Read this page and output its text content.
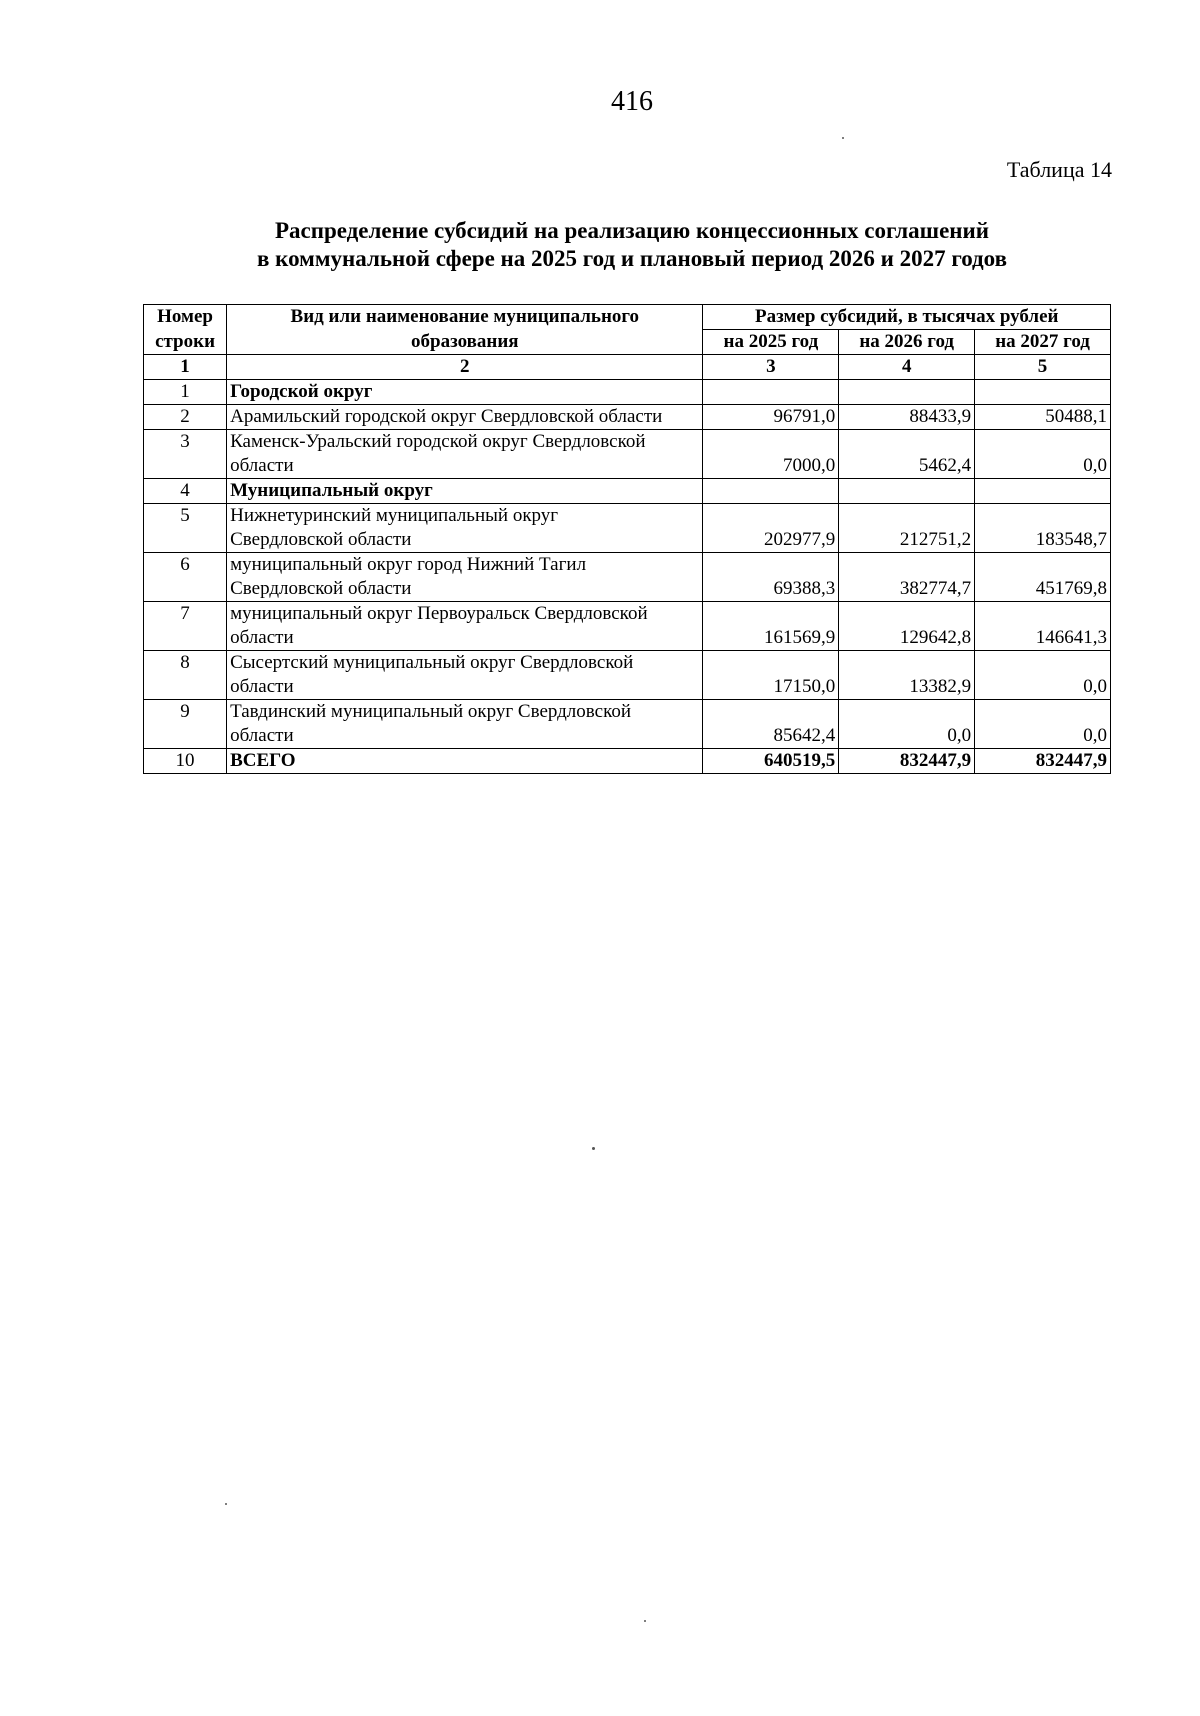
416
Таблица 14
Распределение субсидий на реализацию концессионных соглашений
в коммунальной сфере на 2025 год и плановый период 2026 и 2027 годов
Номер	Вид или наименование муниципального	Размер субсидий, в тысячах рублей		
строки	образования	на 2025 год	на 2026 год	на 2027 год
1	2	3	4	5
1	Городской округ			

2	Арамильский городской округ Свердловской области	96791,0	88433,9	50488,1
3	Каменск-Уральский городской округ Свердловской
области	7000,0	5462,4	0,0
4	Муниципальный округ			

5	Нижнетуринский муниципальный округ
Свердловской области	202977,9	212751,2	183548,7
6	муниципальный округ город Нижний Тагил
Свердловской области	69388,3	382774,7	451769,8
7	муниципальный округ Первоуральск Свердловской
области	161569,9	129642,8	146641,3
8	Сысертский муниципальный округ Свердловской
области	17150,0	13382,9	0,0
9	Тавдинский муниципальный округ Свердловской
области	85642,4	0,0	0,0
10	ВСЕГО	640519,5	832447,9	832447,9
